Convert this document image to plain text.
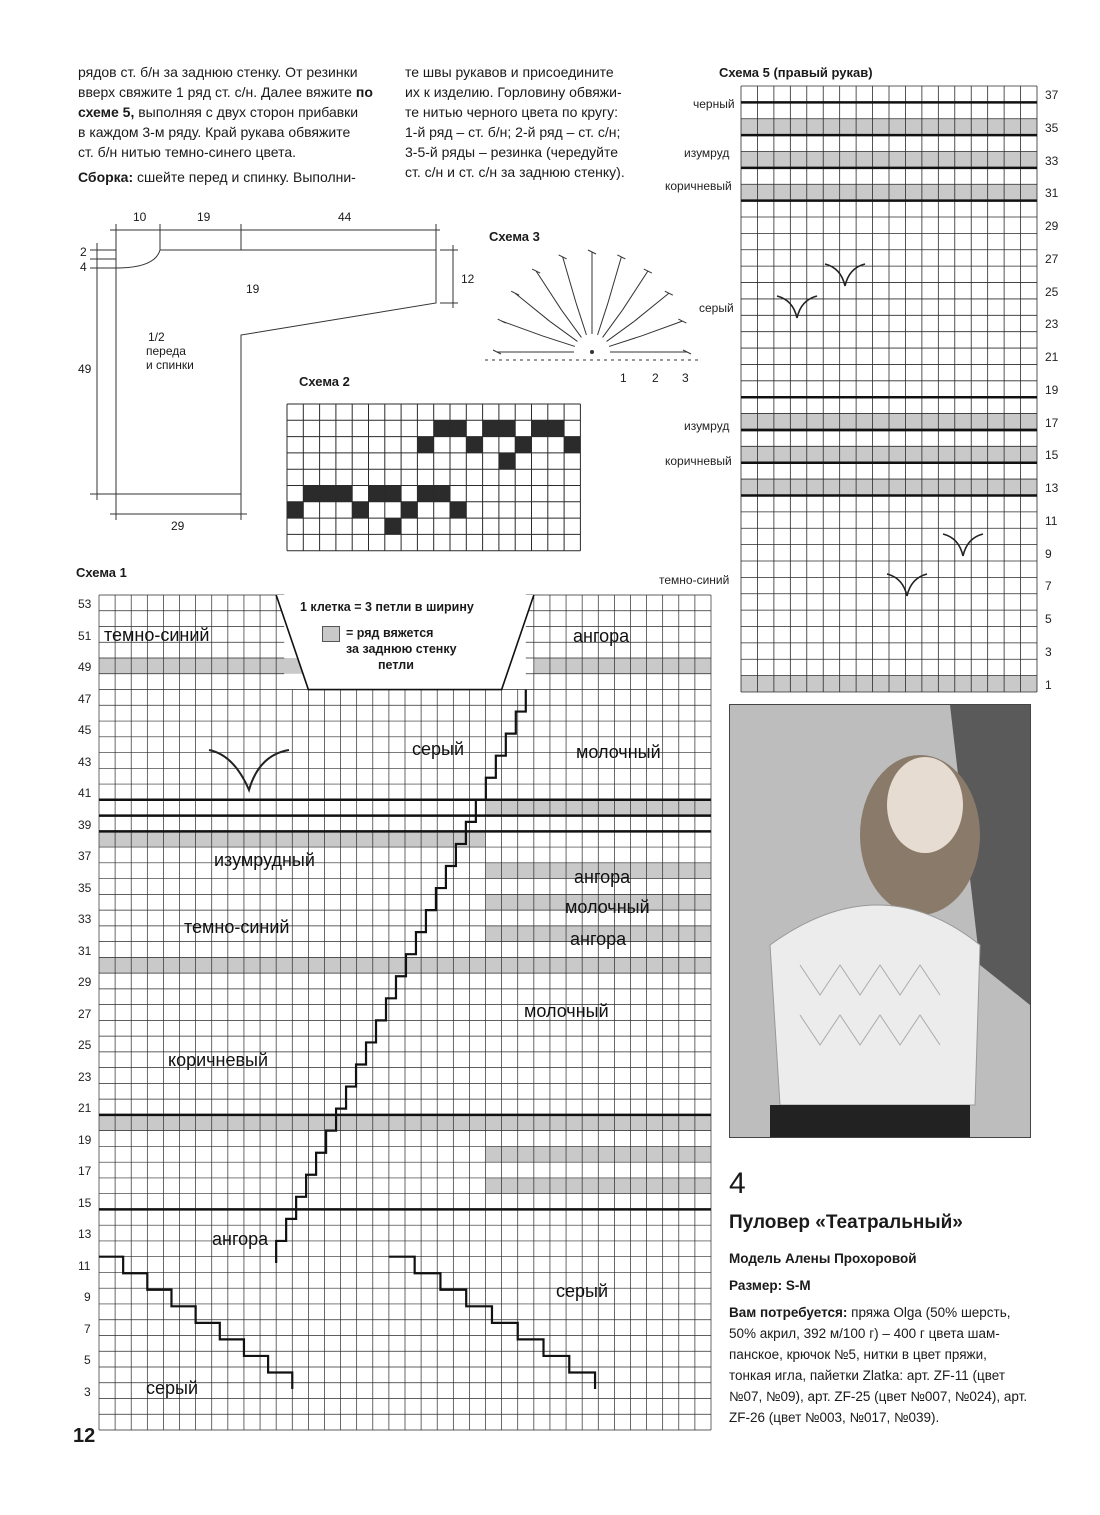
рядов ст. б/н за заднюю стенку. От резинки
вверх свяжите 1 ряд ст. с/н. Далее вяжите по
схеме 5, выполняя с двух сторон прибавки
в каждом 3-м ряду. Край рукава обвяжите
ст. б/н нитью темно-синего цвета.
Сборка: сшейте перед и спинку. Выполни-
те швы рукавов и присоедините
их к изделию. Горловину обвяжи-
те нитью черного цвета по кругу:
1-й ряд – ст. б/н; 2-й ряд – ст. с/н;
3-5-й ряды – резинка (чередуйте
ст. с/н и ст. с/н за заднюю стенку).
10	19	44
2
4
49
19
12
29
1/2
переда
и спинки
Схема 3
1 2 3
Схема 2
Схема 5 (правый рукав)
37
35
33
31
29
27
25
23
21
19
17
15
13
11
9
7
5
3
1
черный
изумруд
коричневый
серый
изумруд
коричневый
темно-синий
Схема 1
53
51
49
47
45
43
41
39
37
35
33
31
29
27
25
23
21
19
17
15
13
11
9
7
5
3
1 клетка = 3 петли в ширину
= ряд вяжется
за заднюю стенку
петли
темно-синий	ангора
серый	молочный
изумрудный
ангора
молочный
ангора
темно-синий
молочный
коричневый
ангора
серый
серый
4
Пуловер «Театральный»
Модель Алены Прохоровой
Размер: S-M
Вам потребуется: пряжа Olga (50% шерсть,
50% акрил, 392 м/100 г) – 400 г цвета шам-
панское, крючок №5, нитки в цвет пряжи,
тонкая игла, пайетки Zlatka: арт. ZF-11 (цвет
№07, №09), арт. ZF-25 (цвет №007, №024), арт.
ZF-26 (цвет №003, №017, №039).
12
